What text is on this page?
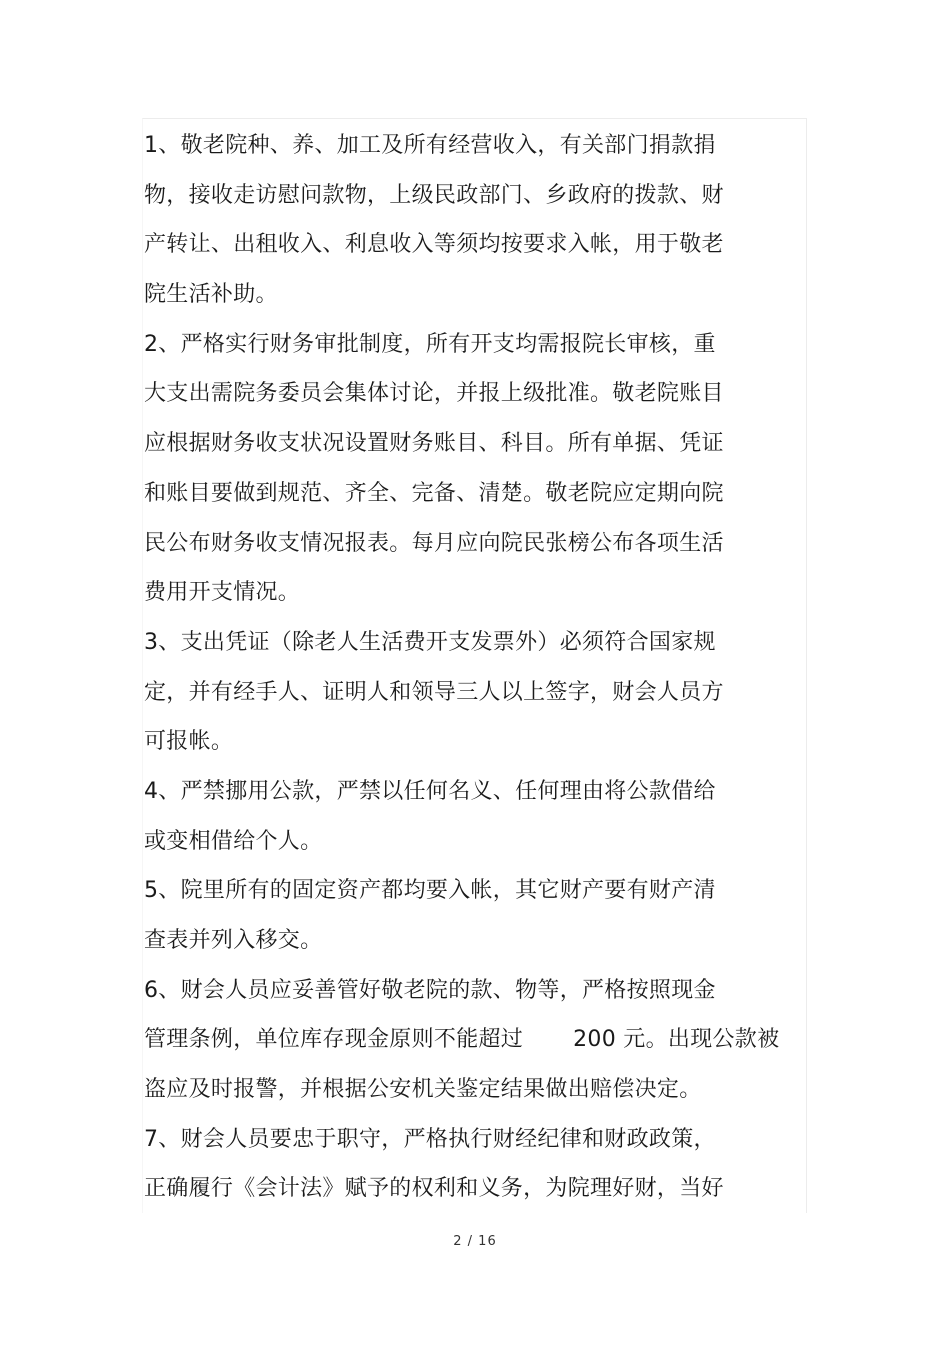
1、敬老院种、养、加工及所有经营收入，有关部门捐款捐
物，接收走访慰问款物，上级民政部门、乡政府的拨款、财
产转让、出租收入、利息收入等须均按要求入帐，用于敬老
院生活补助。
2、严格实行财务审批制度，所有开支均需报院长审核，重
大支出需院务委员会集体讨论，并报上级批准。敬老院账目
应根据财务收支状况设置财务账目、科目。所有单据、凭证
和账目要做到规范、齐全、完备、清楚。敬老院应定期向院
民公布财务收支情况报表。每月应向院民张榜公布各项生活
费用开支情况。
3、支出凭证（除老人生活费开支发票外）必须符合国家规
定，并有经手人、证明人和领导三人以上签字，财会人员方
可报帐。
4、严禁挪用公款，严禁以任何名义、任何理由将公款借给
或变相借给个人。
5、院里所有的固定资产都均要入帐，其它财产要有财产清
查表并列入移交。
6、财会人员应妥善管好敬老院的款、物等，严格按照现金
管理条例，单位库存现金原则不能超过 200 元。出现公款被
盗应及时报警，并根据公安机关鉴定结果做出赔偿决定。
7、财会人员要忠于职守，严格执行财经纪律和财政政策，
正确履行《会计法》赋予的权利和义务，为院理好财，当好
2 / 16
